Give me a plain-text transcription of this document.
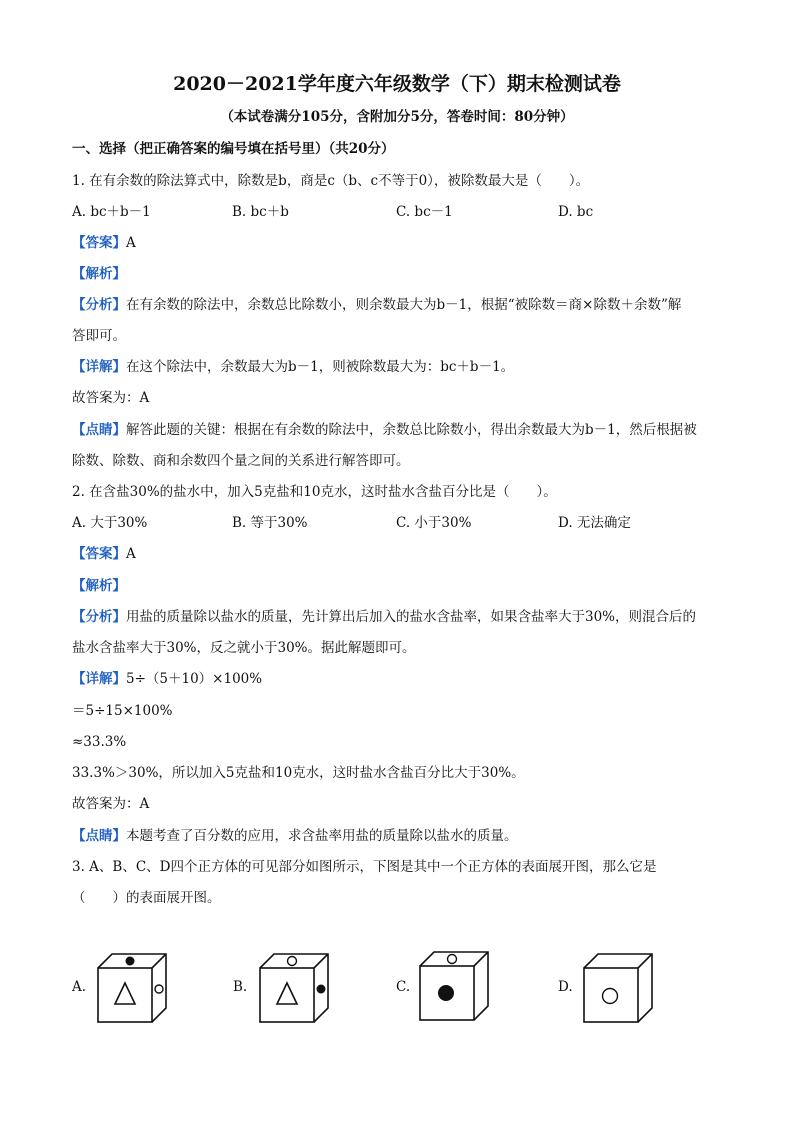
2020－2021学年度六年级数学（下）期末检测试卷
（本试卷满分105分，含附加分5分，答卷时间：80分钟）
一、选择（把正确答案的编号填在括号里）（共20分）
1. 在有余数的除法算式中，除数是b，商是c（b、c不等于0），被除数最大是（　　）。
A. bc＋b－1	B. bc＋b	C. bc－1	D. bc
【答案】A
【解析】
【分析】在有余数的除法中，余数总比除数小，则余数最大为b－1，根据“被除数＝商×除数＋余数”解
答即可。
【详解】在这个除法中，余数最大为b－1，则被除数最大为：bc＋b－1。
故答案为：A
【点睛】解答此题的关键：根据在有余数的除法中，余数总比除数小，得出余数最大为b－1，然后根据被
除数、除数、商和余数四个量之间的关系进行解答即可。
2. 在含盐30%的盐水中，加入5克盐和10克水，这时盐水含盐百分比是（　　）。
A. 大于30%	B. 等于30%	C. 小于30%	D. 无法确定
【答案】A
【解析】
【分析】用盐的质量除以盐水的质量，先计算出后加入的盐水含盐率，如果含盐率大于30%，则混合后的
盐水含盐率大于30%，反之就小于30%。据此解题即可。
【详解】5÷（5＋10）×100%
＝5÷15×100%
≈33.3%
33.3%＞30%，所以加入5克盐和10克水，这时盐水含盐百分比大于30%。
故答案为：A
【点睛】本题考查了百分数的应用，求含盐率用盐的质量除以盐水的质量。
3. A、B、C、D四个正方体的可见部分如图所示，下图是其中一个正方体的表面展开图，那么它是
（　　）的表面展开图。
A.	B.	C.	D.
